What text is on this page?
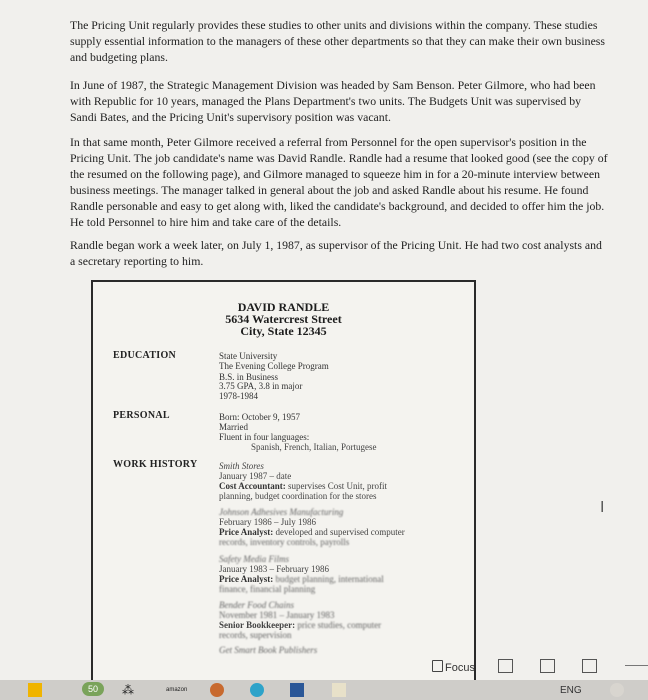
The Pricing Unit regularly provides these studies to other units and divisions within the company. These studies supply essential information to the managers of these other departments so that they can make their own business and budgeting plans.

In June of 1987, the Strategic Management Division was headed by Sam Benson. Peter Gilmore, who had been with Republic for 10 years, managed the Plans Department's two units. The Budgets Unit was supervised by Sandi Bates, and the Pricing Unit's supervisory position was vacant.

In that same month, Peter Gilmore received a referral from Personnel for the open supervisor's position in the Pricing Unit. The job candidate's name was David Randle. Randle had a resume that looked good (see the copy of the resumed on the following page), and Gilmore managed to squeeze him in for a 20-minute interview between business meetings. The manager talked in general about the job and asked Randle about his resume. He found Randle personable and easy to get along with, liked the candidate's background, and decided to offer him the job. He told Personnel to hire him and take care of the details.

Randle began work a week later, on July 1, 1987, as supervisor of the Pricing Unit. He had two cost analysts and a secretary reporting to him.

DAVID RANDLE
5634 Watercrest Street
City, State 12345
EDUCATION	State University
The Evening College Program
B.S. in Business
3.75 GPA, 3.8 in major
1978-1984
PERSONAL	Born: October 9, 1957
Married
Fluent in four languages:
Spanish, French, Italian, Portugese
WORK HISTORY Smith Stores
January 1987 – date
Cost Accountant: supervises Cost Unit, profit
planning, budget coordination for the stores
Johnson Adhesives Manufacturing
February 1986 – July 1986
Price Analyst: developed and supervised computer
records, inventory controls, payrolls
Safety Media Films
January 1983 – February 1986
Price Analyst: budget planning, international
finance, financial planning
Bender Food Chains
November 1981 – January 1983
Senior Bookkeeper: price studies, computer
records, supervision
Get Smart Book Publishers
I
Focus
50	⁂	amazon	ENG
